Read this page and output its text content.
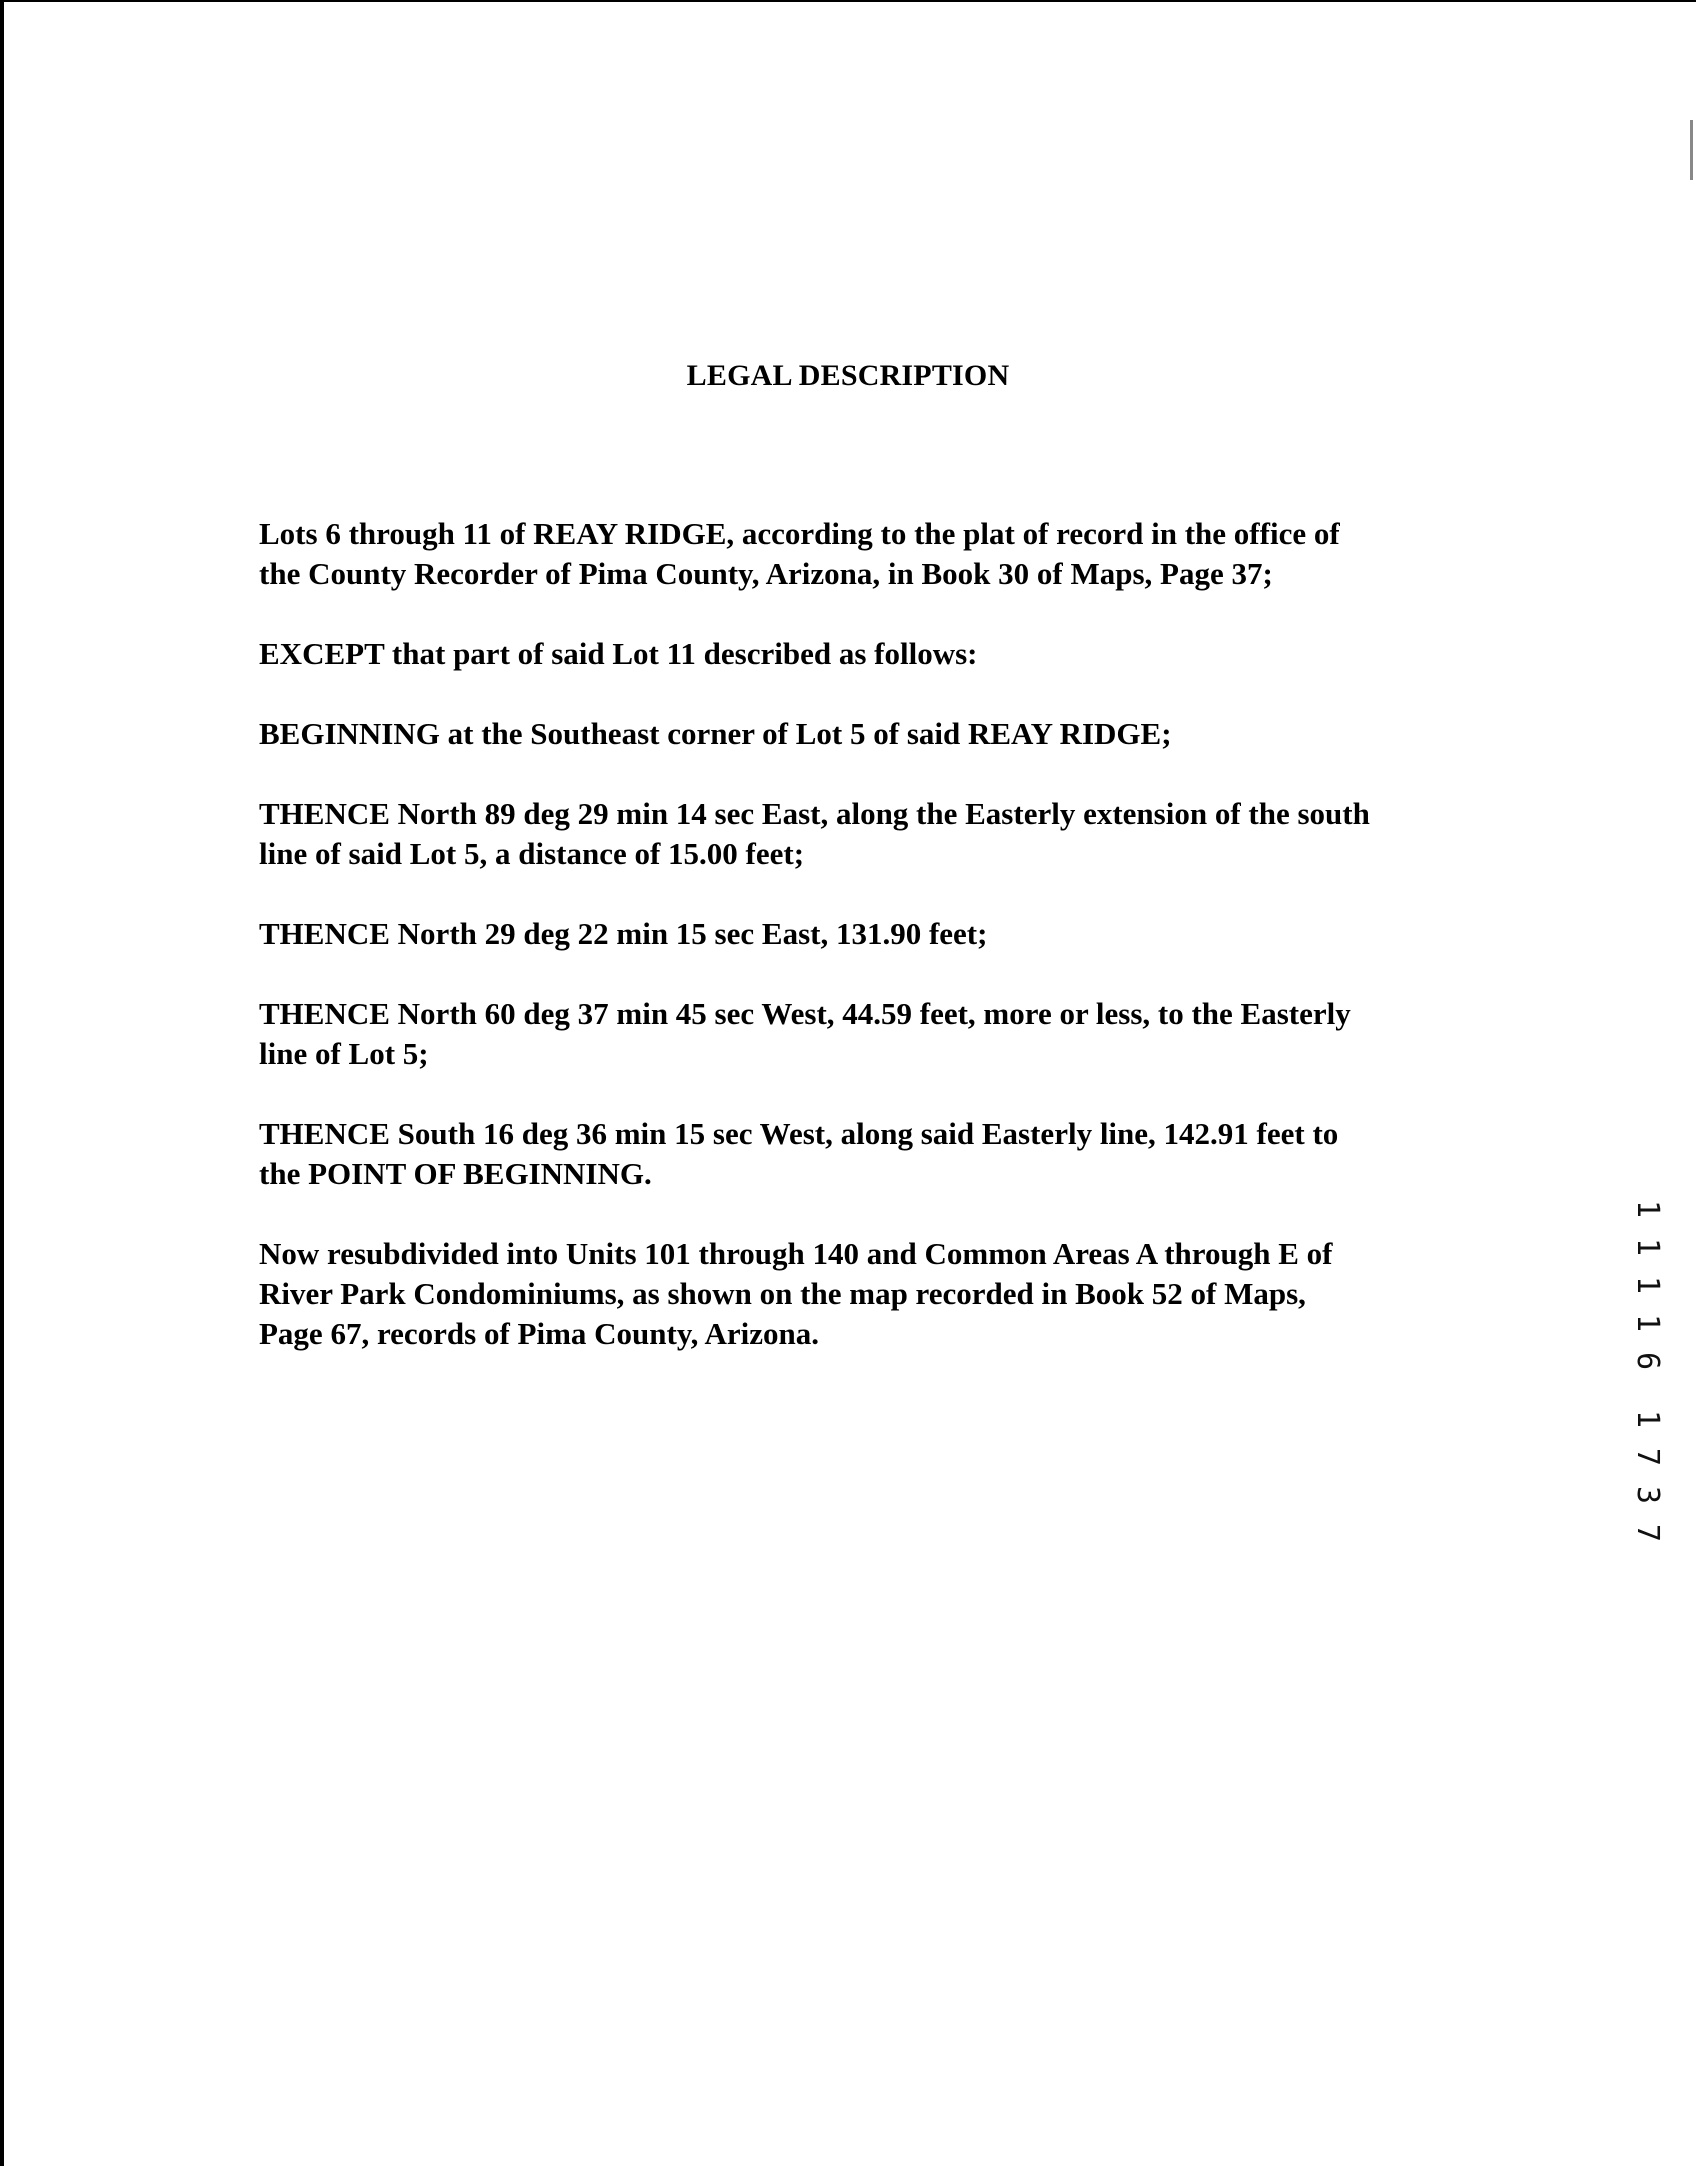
LEGAL DESCRIPTION

Lots 6 through 11 of REAY RIDGE, according to the plat of record in the office of
the County Recorder of Pima County, Arizona, in Book 30 of Maps, Page 37;

EXCEPT that part of said Lot 11 described as follows:

BEGINNING at the Southeast corner of Lot 5 of said REAY RIDGE;

THENCE North 89 deg 29 min 14 sec East, along the Easterly extension of the south
line of said Lot 5, a distance of 15.00 feet;

THENCE North 29 deg 22 min 15 sec East, 131.90 feet;

THENCE North 60 deg 37 min 45 sec West, 44.59 feet, more or less, to the Easterly
line of Lot 5;

THENCE South 16 deg 36 min 15 sec West, along said Easterly line, 142.91 feet to
the POINT OF BEGINNING.

Now resubdivided into Units 101 through 140 and Common Areas A through E of
River Park Condominiums, as shown on the map recorded in Book 52 of Maps,
Page 67, records of Pima County, Arizona.

1
1
1
1
6
1
7
3
7
